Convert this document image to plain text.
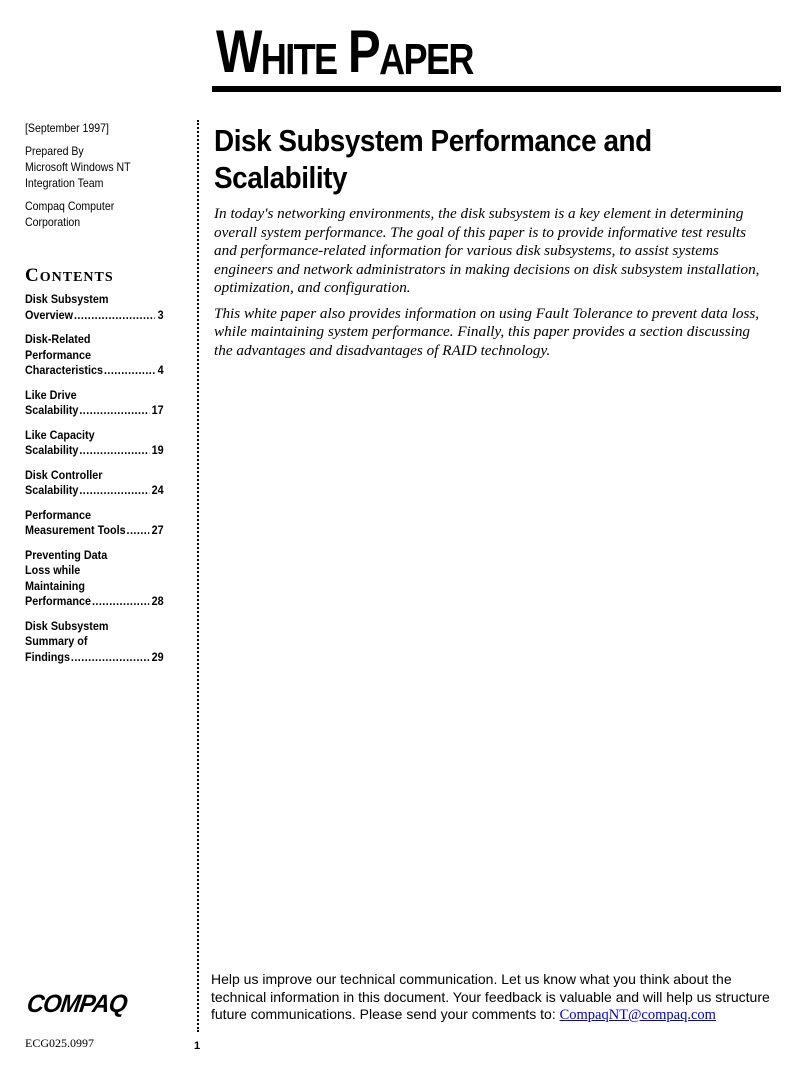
W HITE P APER
[September 1997]
Prepared By
Microsoft Windows NT
Integration Team
Compaq Computer
Corporation
CONTENTS
Disk Subsystem
Overview .....	3
Disk-Related
Performance
Characteristics .....	4
Like Drive
Scalability .....	17
Like Capacity
Scalability .....	19
Disk Controller
Scalability .....	24
Performance
Measurement Tools ..... 27
Preventing Data
Loss while
Maintaining
Performance .....	28
Disk Subsystem
Summary of
Findings .....	29
COMPAQ
ECG025.0997	1
Disk Subsystem Performance and
Scalability

In today's networking environments, the disk subsystem is a key element in determining
overall system performance. The goal of this paper is to provide informative test results
and performance-related information for various disk subsystems, to assist systems
engineers and network administrators in making decisions on disk subsystem installation,
optimization, and configuration.

This white paper also provides information on using Fault Tolerance to prevent data loss,
while maintaining system performance. Finally, this paper provides a section discussing
the advantages and disadvantages of RAID technology.

Help us improve our technical communication. Let us know what you think about the
technical information in this document. Your feedback is valuable and will help us structure
future communications. Please send your comments to: CompaqNT@compaq.com
